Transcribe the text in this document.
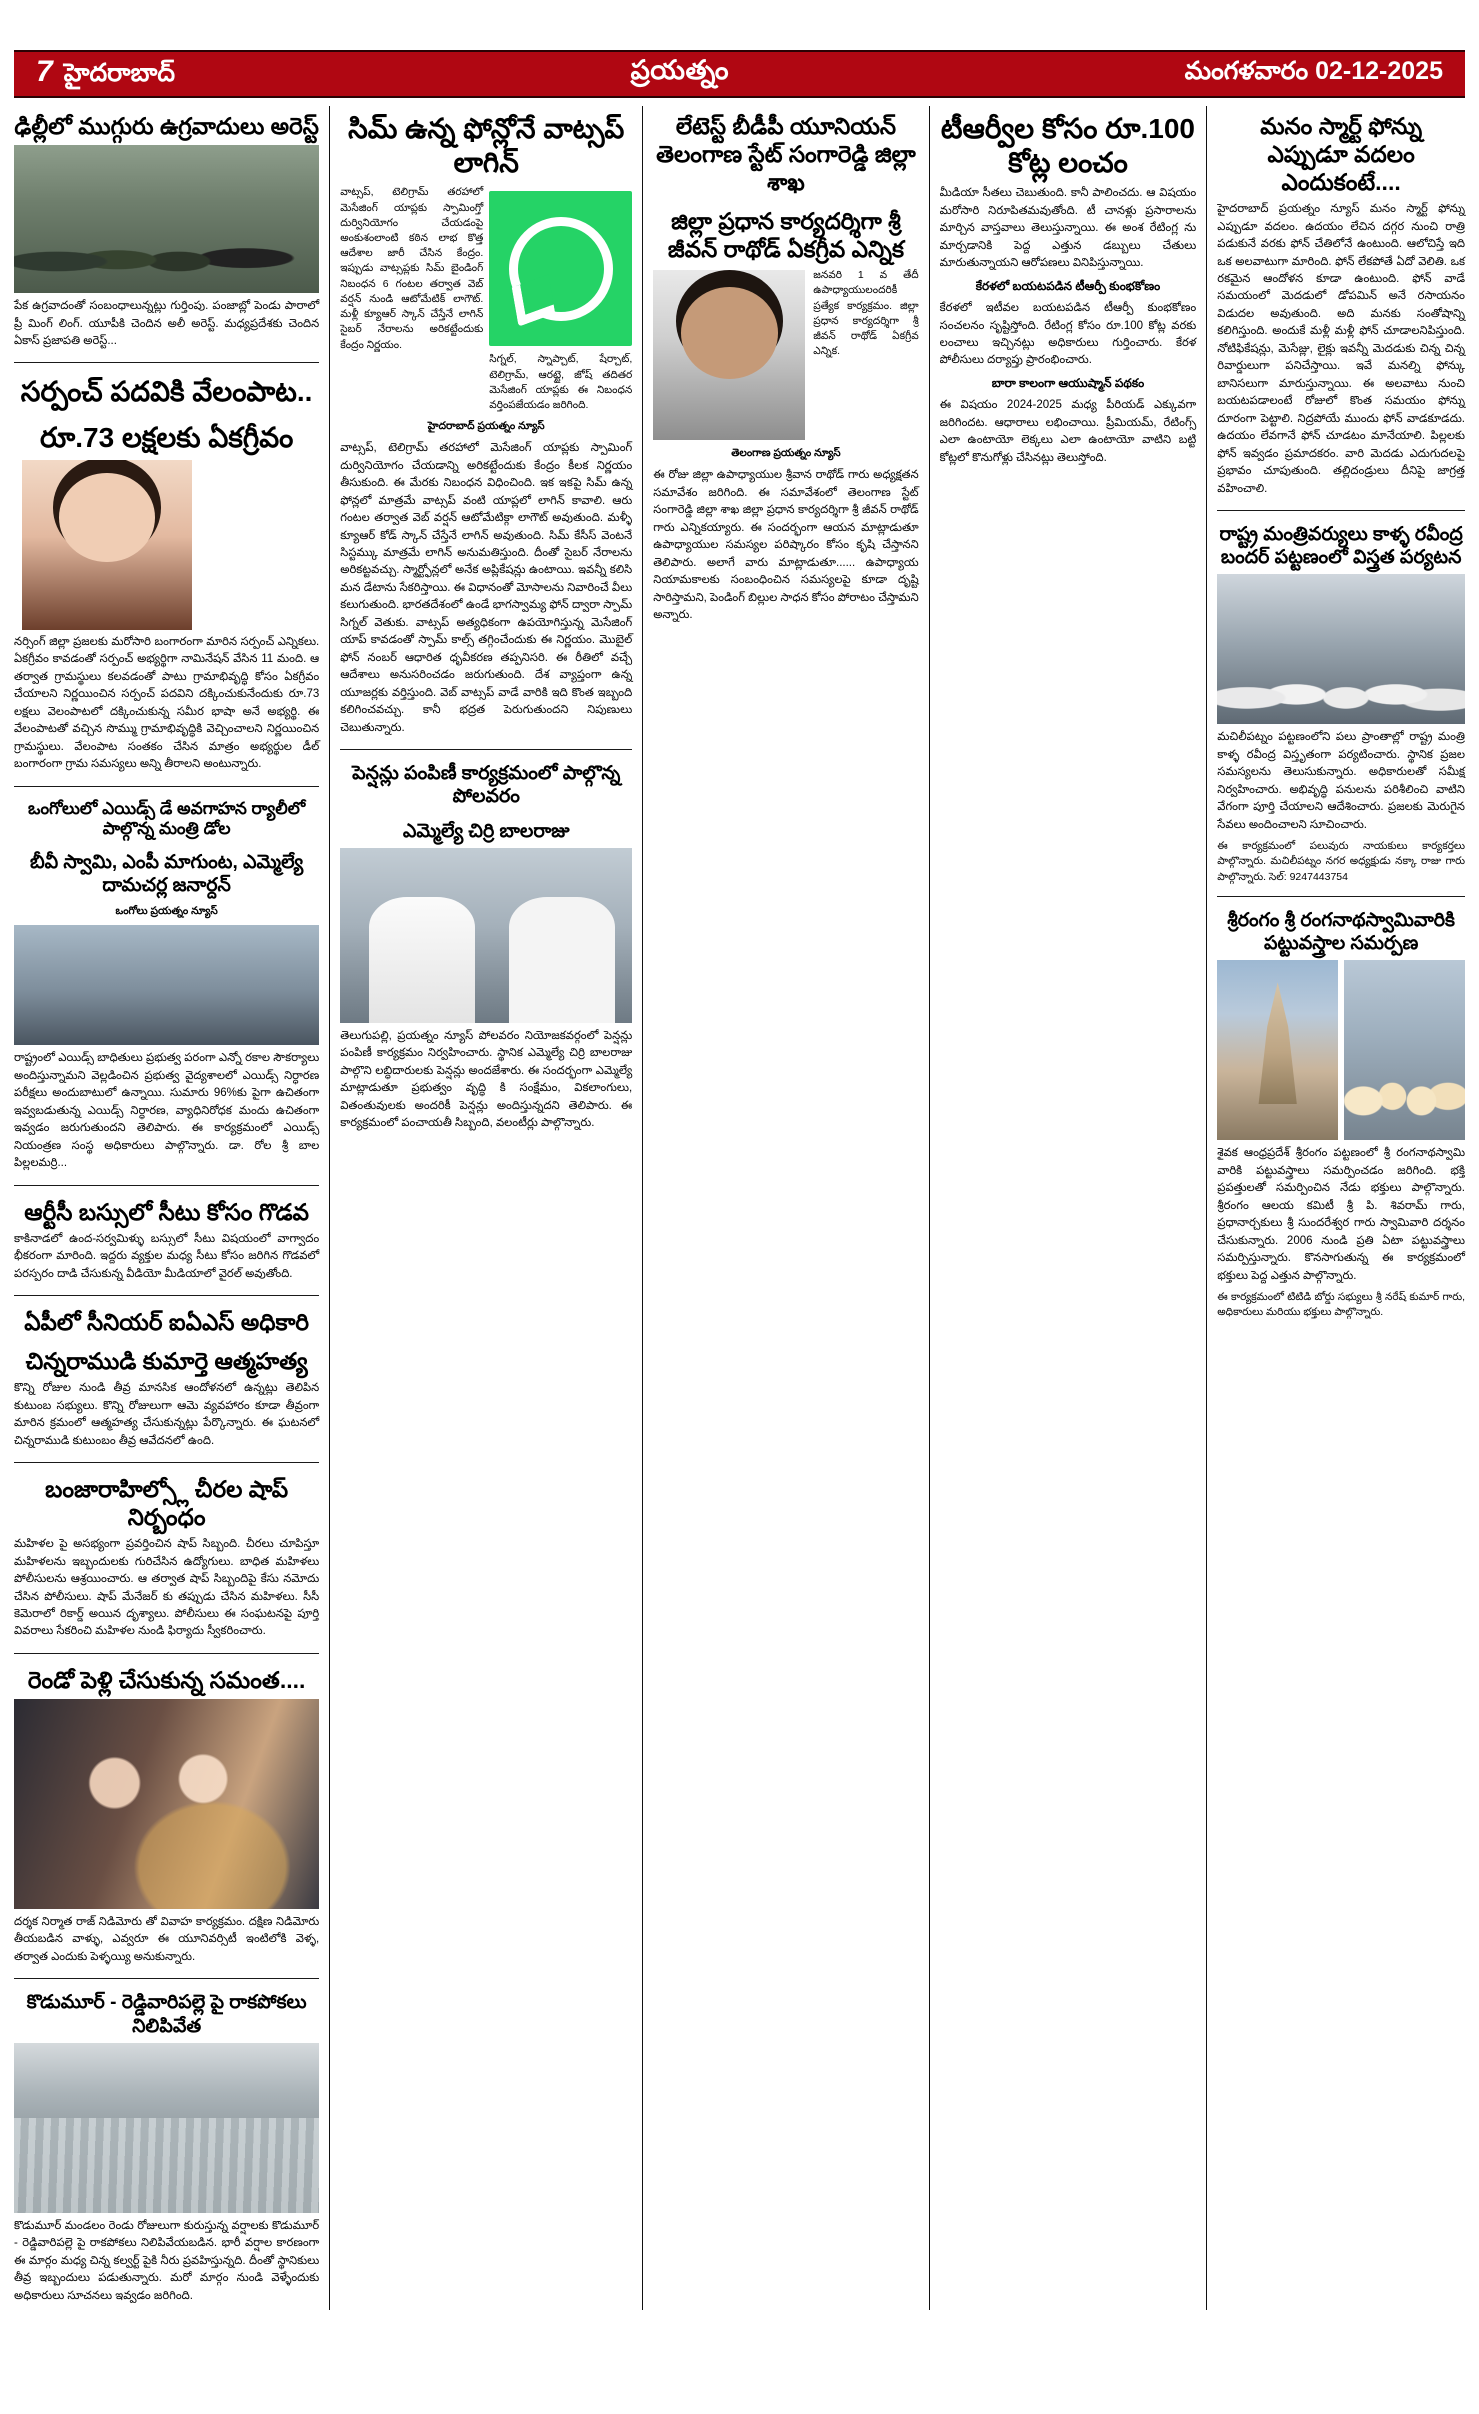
7 హైదరాబాద్	ప్రయత్నం	మంగళవారం 02-12-2025
ఢిల్లీలో ముగ్గురు ఉగ్రవాదులు అరెస్ట్

పేక ఉగ్రవాదంతో సంబంధాలున్నట్లు గుర్తింపు. పంజాబ్లో పెండు పారాలో ప్రీ మింగ్ లింగ్. యూపీకి చెందిన అలీ అరెస్ట్. మధ్యప్రదేశకు చెందిన ఏకాస్ ప్రజాపతి అరెస్ట్...

సర్పంచ్ పదవికి వేలంపాట..
రూ.73 లక్షలకు ఏకగ్రీవం

నర్సింగ్ జిల్లా ప్రజలకు మరోసారి బంగారంగా మారిన సర్పంచ్ ఎన్నికలు. ఏకగ్రీవం కావడంతో సర్పంచ్ అభ్యర్థిగా నామినేషన్ వేసిన 11 మంది. ఆ తర్వాత గ్రామస్థులు కలవడంతో పాటు గ్రామాభివృద్ధి కోసం ఏకగ్రీవం చేయాలని నిర్ణయించిన సర్పంచ్ పదవిని దక్కించుకునేందుకు రూ.73 లక్షలు వెలంపాటలో దక్కించుకున్న సమీర భాషా అనే అభ్యర్థి. ఈ వేలంపాటతో వచ్చిన సొమ్ము గ్రామాభివృద్ధికి వెచ్చించాలని నిర్ణయించిన గ్రామస్థులు. వేలంపాట సంతకం చేసిన మాత్రం అభ్యర్థుల డీల్ బంగారంగా గ్రామ సమస్యలు అన్ని తీరాలని అంటున్నారు.

ఒంగోలులో ఎయిడ్స్ డే అవగాహన ర్యాలీలో పాల్గొన్న మంత్రి డోల
బీవీ స్వామి, ఎంపీ మాగుంట, ఎమ్మెల్యే దామచర్ల జనార్దన్
ఒంగోలు ప్రయత్నం న్యూస్

రాష్ట్రంలో ఎయిడ్స్ బాధితులు ప్రభుత్వ పరంగా ఎన్నో రకాల సౌకర్యాలు అందిస్తున్నామని వెల్లడించిన ప్రభుత్వ వైద్యశాలలో ఎయిడ్స్ నిర్ధారణ పరీక్షలు అందుబాటులో ఉన్నాయి. సుమారు 96%కు పైగా ఉచితంగా ఇవ్వబడుతున్న ఎయిడ్స్ నిర్ధారణ, వ్యాధినిరోధక మందు ఉచితంగా ఇవ్వడం జరుగుతుందని తెలిపారు. ఈ కార్యక్రమంలో ఎయిడ్స్ నియంత్రణ సంస్థ అధికారులు పాల్గొన్నారు. డా. రోల శ్రీ బాల పిల్లలమర్రి...

ఆర్టీసీ బస్సులో సీటు కోసం గొడవ

కాకినాడలో ఉంద-సర్వమిళ్ళు బస్సులో సీటు విషయంలో వాగ్వాదం భీకరంగా మారింది. ఇద్దరు వ్యక్తుల మధ్య సీటు కోసం జరిగిన గొడవలో పరస్పరం దాడి చేసుకున్న వీడియో మీడియాలో వైరల్ అవుతోంది.

ఏపీలో సీనియర్ ఐఏఎస్ అధికారి
చిన్నరాముడి కుమార్తె ఆత్మహత్య

కొన్ని రోజుల నుండి తీవ్ర మానసిక ఆందోళనలో ఉన్నట్లు తెలిపిన కుటుంబ సభ్యులు. కొన్ని రోజులుగా ఆమె వ్యవహారం కూడా తీవ్రంగా మారిన క్రమంలో ఆత్మహత్య చేసుకున్నట్లు పేర్కొన్నారు. ఈ ఘటనలో చిన్నరాముడి కుటుంబం తీవ్ర ఆవేదనలో ఉంది.

బంజారాహిల్స్లో చీరల షాప్ నిర్బంధం

మహిళల పై అసభ్యంగా ప్రవర్తించిన షాప్ సిబ్బంది. చీరలు చూపిస్తూ మహిళలను ఇబ్బందులకు గురిచేసిన ఉద్యోగులు. బాధిత మహిళలు పోలీసులను ఆశ్రయించారు. ఆ తర్వాత షాప్ సిబ్బందిపై కేసు నమోదు చేసిన పోలీసులు. షాప్ మేనేజర్ కు తప్పుడు చేసిన మహిళలు. సీసీ కెమెరాలో రికార్డ్ అయిన దృశ్యాలు. పోలీసులు ఈ సంఘటనపై పూర్తి వివరాలు సేకరించి మహిళల నుండి ఫిర్యాదు స్వీకరించారు.

రెండో పెళ్లి చేసుకున్న సమంత....

దర్శక నిర్మాత రాజ్ నిడిమోరు తో వివాహ కార్యక్రమం. దక్షిణ నిడిమోరు తీయబడిన వాళ్ళు, ఎవ్వరూ ఈ యూనివర్సిటీ ఇంటిలోకి వెళ్ళ, తర్వాత ఎందుకు పెళ్ళయ్యి అనుకున్నారు.

కొడుమూర్ - రెడ్డివారిపల్లె పై రాకపోకలు నిలిపివేత

కొడుమూర్ మండలం రెండు రోజులుగా కురుస్తున్న వర్షాలకు కొడుమూర్ - రెడ్డివారిపల్లె పై రాకపోకలు నిలిపివేయబడిన. భారీ వర్షాల కారణంగా ఈ మార్గం మధ్య చిన్న కల్వర్ట్ పైకి నీరు ప్రవహిస్తున్నది. దీంతో స్థానికులు తీవ్ర ఇబ్బందులు పడుతున్నారు. మరో మార్గం నుండి వెళ్ళేందుకు అధికారులు సూచనలు ఇవ్వడం జరిగింది.

సిమ్ ఉన్న ఫోన్లోనే వాట్సప్ లాగిన్

వాట్సప్, టెలిగ్రామ్ తరహాలో మెసేజింగ్ యాప్లకు స్పామింగ్తో దుర్వినియోగం చేయడంపై అంకుశంలాంటి కఠిన లాభ కొత్త ఆదేశాల జారీ చేసిన కేంద్రం. ఇప్పుడు వాట్సప్లకు సిమ్ బైండింగ్ నిబంధన 6 గంటల తర్వాత వెబ్ వర్షన్ నుండి ఆటోమేటిక్ లాగౌట్. మళ్లీ క్యూఆర్ స్కాన్ చేస్తేనే లాగిన్ సైబర్ నేరాలను అరికట్టేందుకు కేంద్రం నిర్ణయం.

సిగ్నల్, స్నాప్చాట్, షేర్చాట్, టెలిగ్రామ్, ఆరట్టై, జోష్ తదితర మెసేజింగ్ యాప్లకు ఈ నిబంధన వర్తింపజేయడం జరిగింది.

హైదరాబాద్ ప్రయత్నం న్యూస్

వాట్సప్, టెలిగ్రామ్ తరహాలో మెసేజింగ్ యాప్లకు స్పామింగ్ దుర్వినియోగం చేయడాన్ని అరికట్టేందుకు కేంద్రం కీలక నిర్ణయం తీసుకుంది. ఈ మేరకు నిబంధన విధించింది. ఇక ఇకపై సిమ్ ఉన్న ఫోన్లలో మాత్రమే వాట్సప్ వంటి యాప్లలో లాగిన్ కావాలి. ఆరు గంటల తర్వాత వెబ్ వర్షన్ ఆటోమేటిక్గా లాగౌట్ అవుతుంది. మళ్ళీ క్యూఆర్ కోడ్ స్కాన్ చేస్తేనే లాగిన్ అవుతుంది. సిమ్ కేసీస్ వెంటనే సిస్టమ్కు మాత్రమే లాగిన్ అనుమతిస్తుంది. దీంతో సైబర్ నేరాలను అరికట్టవచ్చు. స్మార్ట్ఫోన్లలో అనేక అప్లికేషన్లు ఉంటాయి. ఇవన్నీ కలిసి మన డేటాను సేకరిస్తాయి. ఈ విధానంతో మోసాలను నివారించే వీలు కలుగుతుంది. భారతదేశంలో ఉండే భాగస్వామ్య ఫోన్ ద్వారా స్పామ్ సిగ్నల్ వెతుకు. వాట్సప్ అత్యధికంగా ఉపయోగిస్తున్న మెసేజింగ్ యాప్ కావడంతో స్పామ్ కాల్స్ తగ్గించేందుకు ఈ నిర్ణయం. మొబైల్ ఫోన్ నంబర్ ఆధారిత ధృవీకరణ తప్పనిసరి. ఈ రీతిలో వచ్చే ఆదేశాలు అనుసరించడం జరుగుతుంది. దేశ వ్యాప్తంగా ఉన్న యూజర్లకు వర్తిస్తుంది. వెబ్ వాట్సప్ వాడే వారికి ఇది కొంత ఇబ్బంది కలిగించవచ్చు. కానీ భద్రత పెరుగుతుందని నిపుణులు చెబుతున్నారు.

పెన్షన్లు పంపిణీ కార్యక్రమంలో పాల్గొన్న పోలవరం
ఎమ్మెల్యే చిర్రి బాలరాజు

తెలుగుపల్లి, ప్రయత్నం న్యూస్ పోలవరం నియోజకవర్గంలో పెన్షన్లు పంపిణీ కార్యక్రమం నిర్వహించారు. స్థానిక ఎమ్మెల్యే చిర్రి బాలరాజు పాల్గొని లబ్ధిదారులకు పెన్షన్లు అందజేశారు. ఈ సందర్భంగా ఎమ్మెల్యే మాట్లాడుతూ ప్రభుత్వం వృద్ధి కి సంక్షేమం, వికలాంగులు, వితంతువులకు అందరికీ పెన్షన్లు అందిస్తున్నదని తెలిపారు. ఈ కార్యక్రమంలో పంచాయతీ సిబ్బంది, వలంటీర్లు పాల్గొన్నారు.

లేటెస్ట్ బీడీపీ యూనియన్ తెలంగాణ స్టేట్ సంగారెడ్డి జిల్లా శాఖ
జిల్లా ప్రధాన కార్యదర్శిగా శ్రీ జీవన్ రాథోడ్ ఏకగ్రీవ ఎన్నిక

జనవరి 1 వ తేదీ ఉపాధ్యాయులందరికీ ప్రత్యేక కార్యక్రమం. జిల్లా ప్రధాన కార్యదర్శిగా శ్రీ జీవన్ రాథోడ్ ఏకగ్రీవ ఎన్నిక.

తెలంగాణ ప్రయత్నం న్యూస్

ఈ రోజు జిల్లా ఉపాధ్యాయుల శ్రీవాన రాథోడ్ గారు అధ్యక్షతన సమావేశం జరిగింది. ఈ సమావేశంలో తెలంగాణ స్టేట్ సంగారెడ్డి జిల్లా శాఖ జిల్లా ప్రధాన కార్యదర్శిగా శ్రీ జీవన్ రాథోడ్ గారు ఎన్నికయ్యారు. ఈ సందర్భంగా ఆయన మాట్లాడుతూ ఉపాధ్యాయుల సమస్యల పరిష్కారం కోసం కృషి చేస్తానని తెలిపారు. అలాగే వారు మాట్లాడుతూ...... ఉపాధ్యాయ నియామకాలకు సంబంధించిన సమస్యలపై కూడా దృష్టి సారిస్తామని, పెండింగ్ బిల్లుల సాధన కోసం పోరాటం చేస్తామని అన్నారు.

టీఆర్వీల కోసం రూ.100 కోట్ల లంచం

మీడియా సీతలు చెబుతుంది. కానీ పాలించదు. ఆ విషయం మరోసారి నిరూపితమవుతోంది. టీ చానళ్లు ప్రసారాలను మార్చిన వాస్తవాలు తెలుస్తున్నాయి. ఈ అంశ రేటింగ్ల ను మార్చడానికి పెద్ద ఎత్తున డబ్బులు చేతులు మారుతున్నాయని ఆరోపణలు వినిపిస్తున్నాయి.

కేరళలో బయటపడిన టీఆర్పీ కుంభకోణం

కేరళలో ఇటీవల బయటపడిన టీఆర్పీ కుంభకోణం సంచలనం సృష్టిస్తోంది. రేటింగ్ల కోసం రూ.100 కోట్ల వరకు లంచాలు ఇచ్చినట్లు అధికారులు గుర్తించారు. కేరళ పోలీసులు దర్యాప్తు ప్రారంభించారు.

బారా కాలంగా ఆయుష్మాన్ పథకం

ఈ విషయం 2024-2025 మధ్య పీరియడ్ ఎక్కువగా జరిగిందట. ఆధారాలు లభించాయి. ప్రీమియమ్, రేటింగ్స్ ఎలా ఉంటాయో లెక్కలు ఎలా ఉంటాయో వాటిని బట్టి కోట్లలో కొనుగోళ్లు చేసినట్లు తెలుస్తోంది.

మనం స్మార్ట్ ఫోన్ను ఎప్పుడూ వదలం ఎందుకంటే....

హైదరాబాద్ ప్రయత్నం న్యూస్ మనం స్మార్ట్ ఫోన్ను ఎప్పుడూ వదలం. ఉదయం లేచిన దగ్గర నుంచి రాత్రి పడుకునే వరకు ఫోన్ చేతిలోనే ఉంటుంది. ఆలోచిస్తే ఇది ఒక అలవాటుగా మారింది. ఫోన్ లేకపోతే ఏదో వెలితి. ఒక రకమైన ఆందోళన కూడా ఉంటుంది. ఫోన్ వాడే సమయంలో మెదడులో డోపమిన్ అనే రసాయనం విడుదల అవుతుంది. అది మనకు సంతోషాన్ని కలిగిస్తుంది. అందుకే మళ్లీ మళ్లీ ఫోన్ చూడాలనిపిస్తుంది. నోటిఫికేషన్లు, మెసేజ్లు, లైక్లు ఇవన్నీ మెదడుకు చిన్న చిన్న రివార్డులుగా పనిచేస్తాయి. ఇవే మనల్ని ఫోన్కు బానిసలుగా మారుస్తున్నాయి. ఈ అలవాటు నుంచి బయటపడాలంటే రోజులో కొంత సమయం ఫోన్ను దూరంగా పెట్టాలి. నిద్రపోయే ముందు ఫోన్ వాడకూడదు. ఉదయం లేవగానే ఫోన్ చూడటం మానేయాలి. పిల్లలకు ఫోన్ ఇవ్వడం ప్రమాదకరం. వారి మెదడు ఎదుగుదలపై ప్రభావం చూపుతుంది. తల్లిదండ్రులు దీనిపై జాగ్రత్త వహించాలి.

రాష్ట్ర మంత్రివర్యులు కాళ్ళ రవీంద్ర బందర్ పట్టణంలో విస్త్రత పర్యటన

మచిలీపట్నం పట్టణంలోని పలు ప్రాంతాల్లో రాష్ట్ర మంత్రి కాళ్ళ రవీంద్ర విస్తృతంగా పర్యటించారు. స్థానిక ప్రజల సమస్యలను తెలుసుకున్నారు. అధికారులతో సమీక్ష నిర్వహించారు. అభివృద్ధి పనులను పరిశీలించి వాటిని వేగంగా పూర్తి చేయాలని ఆదేశించారు. ప్రజలకు మెరుగైన సేవలు అందించాలని సూచించారు.

ఈ కార్యక్రమంలో పలువురు నాయకులు కార్యకర్తలు పాల్గొన్నారు. మచిలీపట్నం నగర అధ్యక్షుడు నక్కా రాజు గారు పాల్గొన్నారు. సెల్: 9247443754

శ్రీరంగం శ్రీ రంగనాథస్వామివారికి పట్టువస్త్రాల సమర్పణ

శైవక ఆంధ్రప్రదేశ్ శ్రీరంగం పట్టణంలో శ్రీ రంగనాథస్వామి వారికి పట్టువస్త్రాలు సమర్పించడం జరిగింది. భక్తి ప్రపత్తులతో సమర్పించిన నేడు భక్తులు పాల్గొన్నారు. శ్రీరంగం ఆలయ కమిటీ శ్రీ పి. శివరామ్ గారు, ప్రధానార్చకులు శ్రీ సుందరేశ్వర గారు స్వామివారి దర్శనం చేసుకున్నారు. 2006 నుండి ప్రతి ఏటా పట్టువస్త్రాలు సమర్పిస్తున్నారు. కొనసాగుతున్న ఈ కార్యక్రమంలో భక్తులు పెద్ద ఎత్తున పాల్గొన్నారు.

ఈ కార్యక్రమంలో టిటిడి బోర్డు సభ్యులు శ్రీ నరేష్ కుమార్ గారు, అధికారులు మరియు భక్తులు పాల్గొన్నారు.
